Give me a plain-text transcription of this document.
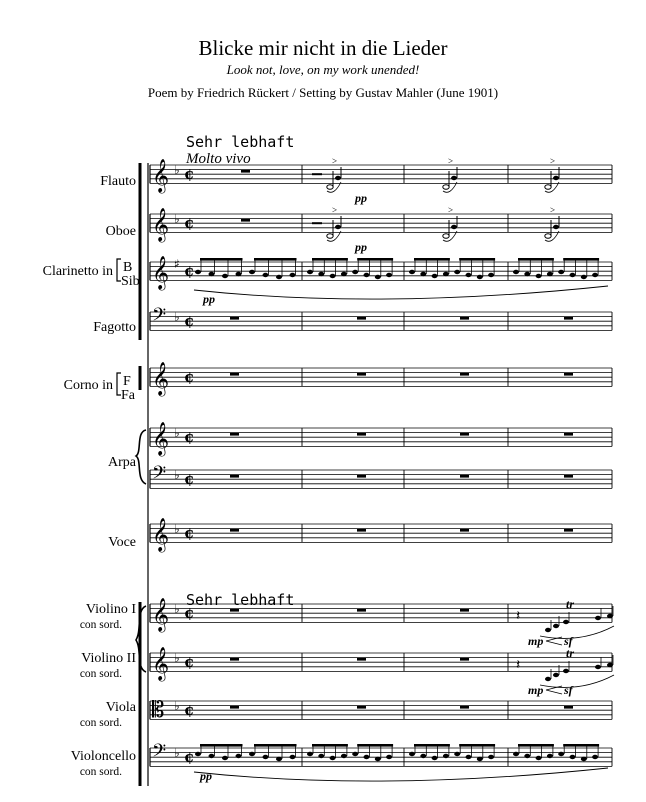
Blicke mir nicht in die Lieder
Look not, love, on my work unended!
Poem by Friedrich Rückert / Setting by Gustav Mahler (June 1901)
Flauto
Oboe
Clarinetto in B
Sib
Fagotto
Corno in F
Fa
Arpa
Voce
Violino I
con sord.
Violino II
con sord.
Viola
con sord.
Violoncello
con sord.
𝄞 ♭ ¢
𝄞 ♭ ¢
𝄞 ♯ ¢
𝄢 ♭ ¢
𝄞 ¢
𝄞 ♭ ¢
𝄢 ♭ ¢
𝄞 ♭ ¢
𝄞 ♭ ¢
𝄞 ♭ ¢
𝄡 ♭ ¢
𝄢 ♭ ¢
>	>	>
>	>	>
𝄽
𝄽
pp
pp
pp
pp
tr
mp sf
tr
mp sf
Sehr lebhaft
Molto vivo
Sehr lebhaft
